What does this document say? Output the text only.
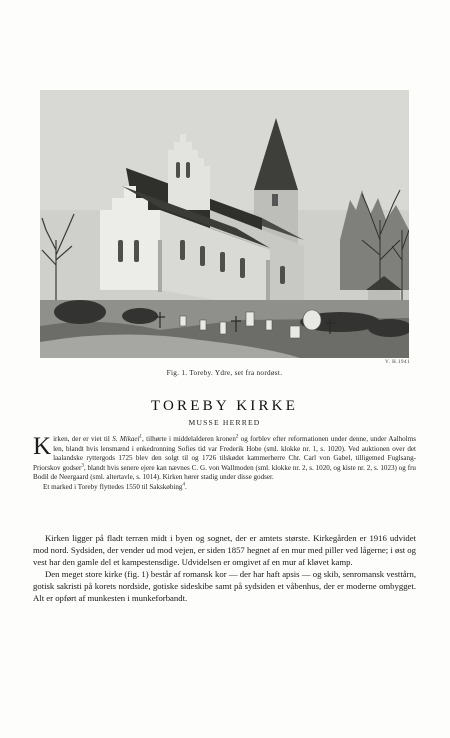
V. H.1941
Fig. 1. Toreby. Ydre, set fra nordøst.
TOREBY KIRKE
MUSSE HERRED

Kirken, der er viet til S. Mikael$^1$, tilhørte i middelalderen kronen$^2$ og forblev efter reformationen under denne, under Aalholms len, blandt hvis lensmænd i enkedronning Sofies tid var Frederik Hobe (sml. klokke nr. 1, s. 1020). Ved auktionen over det laalandske ryttergods 1725 blev den solgt til og 1726 tilskødet kammerherre Chr. Carl von Gabel, tilligemed Fuglsang-Priorskov godser$^3$, blandt hvis senere ejere kan nævnes C. G. von Wallmoden (sml. klokke nr. 2, s. 1020, og kiste nr. 2, s. 1023) og fru Bodil de Neergaard (sml. altertavle, s. 1014). Kirken hører stadig under disse godser.

Et marked i Toreby flyttedes 1550 til Sakskøbing$^4$.

Kirken ligger på fladt terræn midt i byen og sognet, der er amtets største. Kirkegården er 1916 udvidet mod nord. Sydsiden, der vender ud mod vejen, er siden 1857 hegnet af en mur med piller ved lågerne; i øst og vest har den gamle del et kampestensdige. Udvidelsen er omgivet af en mur af kløvet kamp.

Den meget store kirke (fig. 1) består af romansk kor — der har haft apsis — og skib, senromansk vesttårn, gotisk sakristi på korets nordside, gotiske sideskibe samt på sydsiden et våbenhus, der er moderne ombygget. Alt er opført af munkesten i munkeforbandt.
